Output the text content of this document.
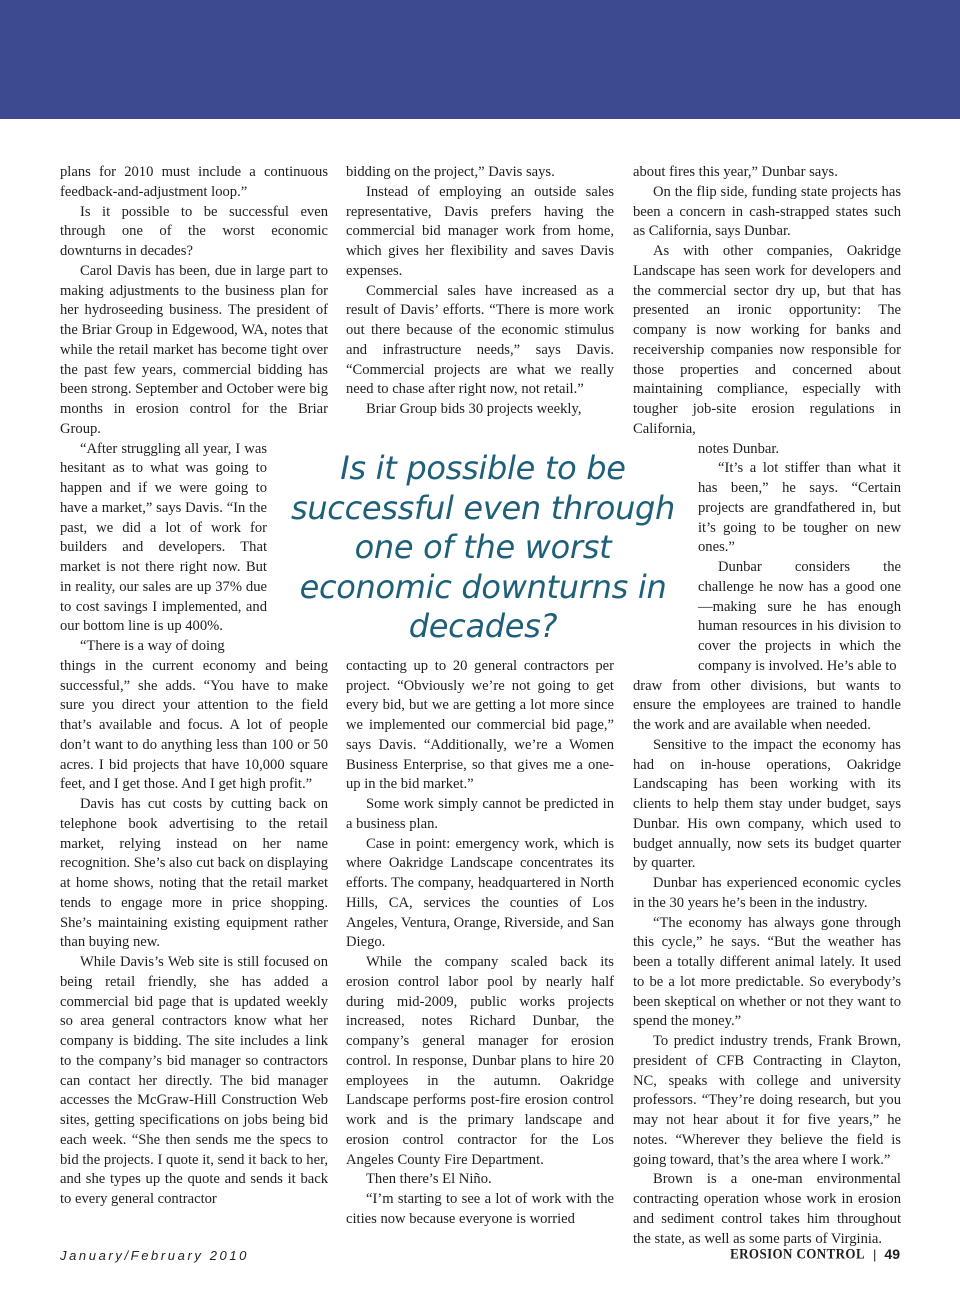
plans for 2010 must include a continuous feedback-and-adjustment loop.”

Is it possible to be successful even through one of the worst economic downturns in decades?

Carol Davis has been, due in large part to making adjustments to the business plan for her hydroseeding business. The president of the Briar Group in Edgewood, WA, notes that while the retail market has become tight over the past few years, commercial bidding has been strong. September and October were big months in erosion control for the Briar Group.

“After struggling all year, I was hesitant as to what was going to happen and if we were going to have a market,” says Davis. “In the past, we did a lot of work for builders and developers. That market is not there right now. But in reality, our sales are up 37% due to cost savings I implemented, and our bottom line is up 400%.

“There is a way of doing

things in the current economy and being successful,” she adds. “You have to make sure you direct your attention to the field that’s available and focus. A lot of people don’t want to do anything less than 100 or 50 acres. I bid projects that have 10,000 square feet, and I get those. And I get high profit.”

Davis has cut costs by cutting back on telephone book advertising to the retail market, relying instead on her name recognition. She’s also cut back on displaying at home shows, noting that the retail market tends to engage more in price shopping. She’s maintaining existing equipment rather than buying new.

While Davis’s Web site is still focused on being retail friendly, she has added a commercial bid page that is updated weekly so area general contractors know what her company is bidding. The site includes a link to the company’s bid manager so contractors can contact her directly. The bid manager accesses the McGraw-Hill Construction Web sites, getting specifications on jobs being bid each week. “She then sends me the specs to bid the projects. I quote it, send it back to her, and she types up the quote and sends it back to every general contractor

bidding on the project,” Davis says.

Instead of employing an outside sales representative, Davis prefers having the commercial bid manager work from home, which gives her flexibility and saves Davis expenses.

Commercial sales have increased as a result of Davis’ efforts. “There is more work out there because of the economic stimulus and infrastructure needs,” says Davis. “Commercial projects are what we really need to chase after right now, not retail.”

Briar Group bids 30 projects weekly,

contacting up to 20 general contractors per project. “Obviously we’re not going to get every bid, but we are getting a lot more since we implemented our commercial bid page,” says Davis. “Additionally, we’re a Women Business Enterprise, so that gives me a one-up in the bid market.”

Some work simply cannot be predicted in a business plan.

Case in point: emergency work, which is where Oakridge Landscape concentrates its efforts. The company, headquartered in North Hills, CA, services the counties of Los Angeles, Ventura, Orange, Riverside, and San Diego.

While the company scaled back its erosion control labor pool by nearly half during mid-2009, public works projects increased, notes Richard Dunbar, the company’s general manager for erosion control. In response, Dunbar plans to hire 20 employees in the autumn. Oakridge Landscape performs post-fire erosion control work and is the primary landscape and erosion control contractor for the Los Angeles County Fire Department.

Then there’s El Niño.

“I’m starting to see a lot of work with the cities now because everyone is worried

about fires this year,” Dunbar says.

On the flip side, funding state projects has been a concern in cash-strapped states such as California, says Dunbar.

As with other companies, Oakridge Landscape has seen work for developers and the commercial sector dry up, but that has presented an ironic opportunity: The company is now working for banks and receivership companies now responsible for those properties and concerned about maintaining compliance, especially with tougher job-site erosion regulations in California,

notes Dunbar.

“It’s a lot stiffer than what it has been,” he says. “Certain projects are grandfathered in, but it’s going to be tougher on new ones.”

Dunbar considers the challenge he now has a good one—making sure he has enough human resources in his division to cover the projects in which the company is involved. He’s able to

draw from other divisions, but wants to ensure the employees are trained to handle the work and are available when needed.

Sensitive to the impact the economy has had on in-house operations, Oakridge Landscaping has been working with its clients to help them stay under budget, says Dunbar. His own company, which used to budget annually, now sets its budget quarter by quarter.

Dunbar has experienced economic cycles in the 30 years he’s been in the industry.

“The economy has always gone through this cycle,” he says. “But the weather has been a totally different animal lately. It used to be a lot more predictable. So everybody’s been skeptical on whether or not they want to spend the money.”

To predict industry trends, Frank Brown, president of CFB Contracting in Clayton, NC, speaks with college and university professors. “They’re doing research, but you may not hear about it for five years,” he notes. “Wherever they believe the field is going toward, that’s the area where I work.”

Brown is a one-man environmental contracting operation whose work in erosion and sediment control takes him throughout the state, as well as some parts of Virginia.

Is it possible to be successful even through one of the worst economic downturns in decades?
January/February 2010	EROSION CONTROL | 49
